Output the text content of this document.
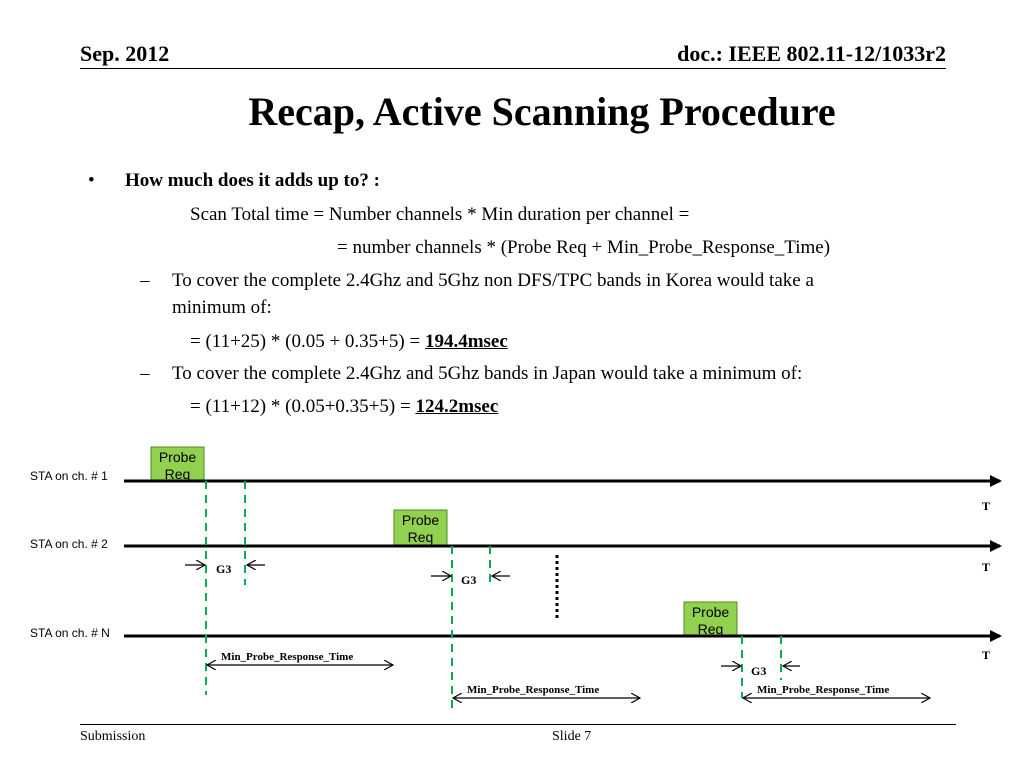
Sep. 2012	doc.: IEEE 802.11-12/1033r2
Recap, Active Scanning Procedure
• How much does it adds up to? :
Scan Total time = Number channels * Min duration per channel =
= number channels * (Probe Req + Min_Probe_Response_Time)
– To cover the complete 2.4Ghz and 5Ghz non DFS/TPC bands in Korea would take a
minimum of:
= (11+25) * (0.05 + 0.35+5) = 194.4msec
– To cover the complete 2.4Ghz and 5Ghz bands in Japan would take a minimum of:
= (11+12) * (0.05+0.35+5) = 124.2msec
STA on ch. # 1
STA on ch. # 2
STA on ch. # N
Probe
Req
Probe
Req
Probe
Req
T
T
T
G3
G3
G3
Min_Probe_Response_Time
Min_Probe_Response_Time	Min_Probe_Response_Time
Submission	Slide 7
